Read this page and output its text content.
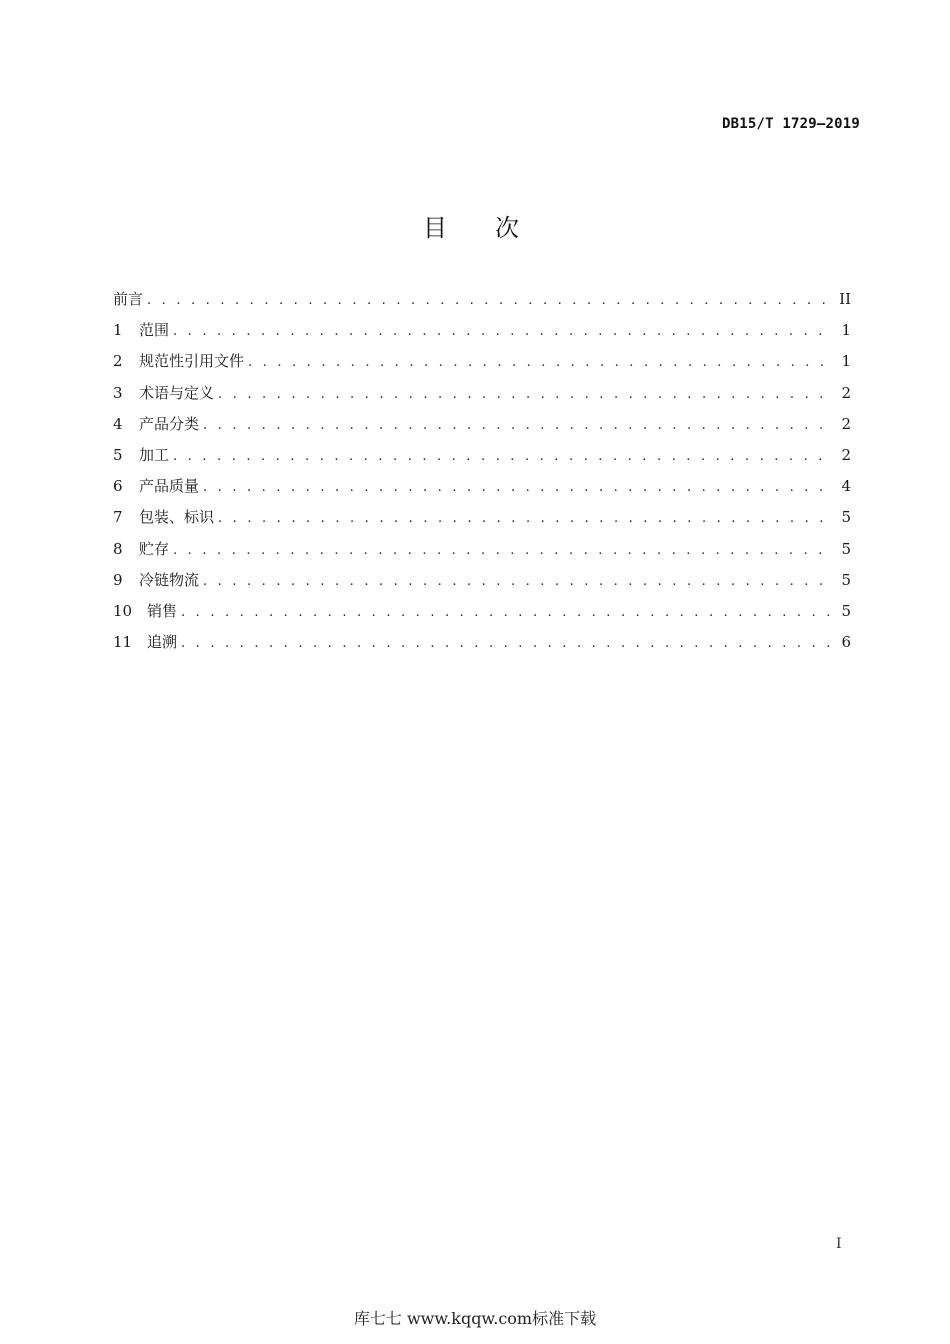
DB15/T 1729—2019
目次
前言 . . .	II
1	范围 . . .	1
2	规范性引用文件 . . .	1
3	术语与定义 . . .	2
4	产品分类 . . .	2
5	加工 . . .	2
6	产品质量 . . .	4
7	包装、标识 . . .	5
8	贮存 . . .	5
9	冷链物流 . . .	5
10 销售 . . .	5
11 追溯 . . .	6
I
库七七 www.kqqw.com标准下载
